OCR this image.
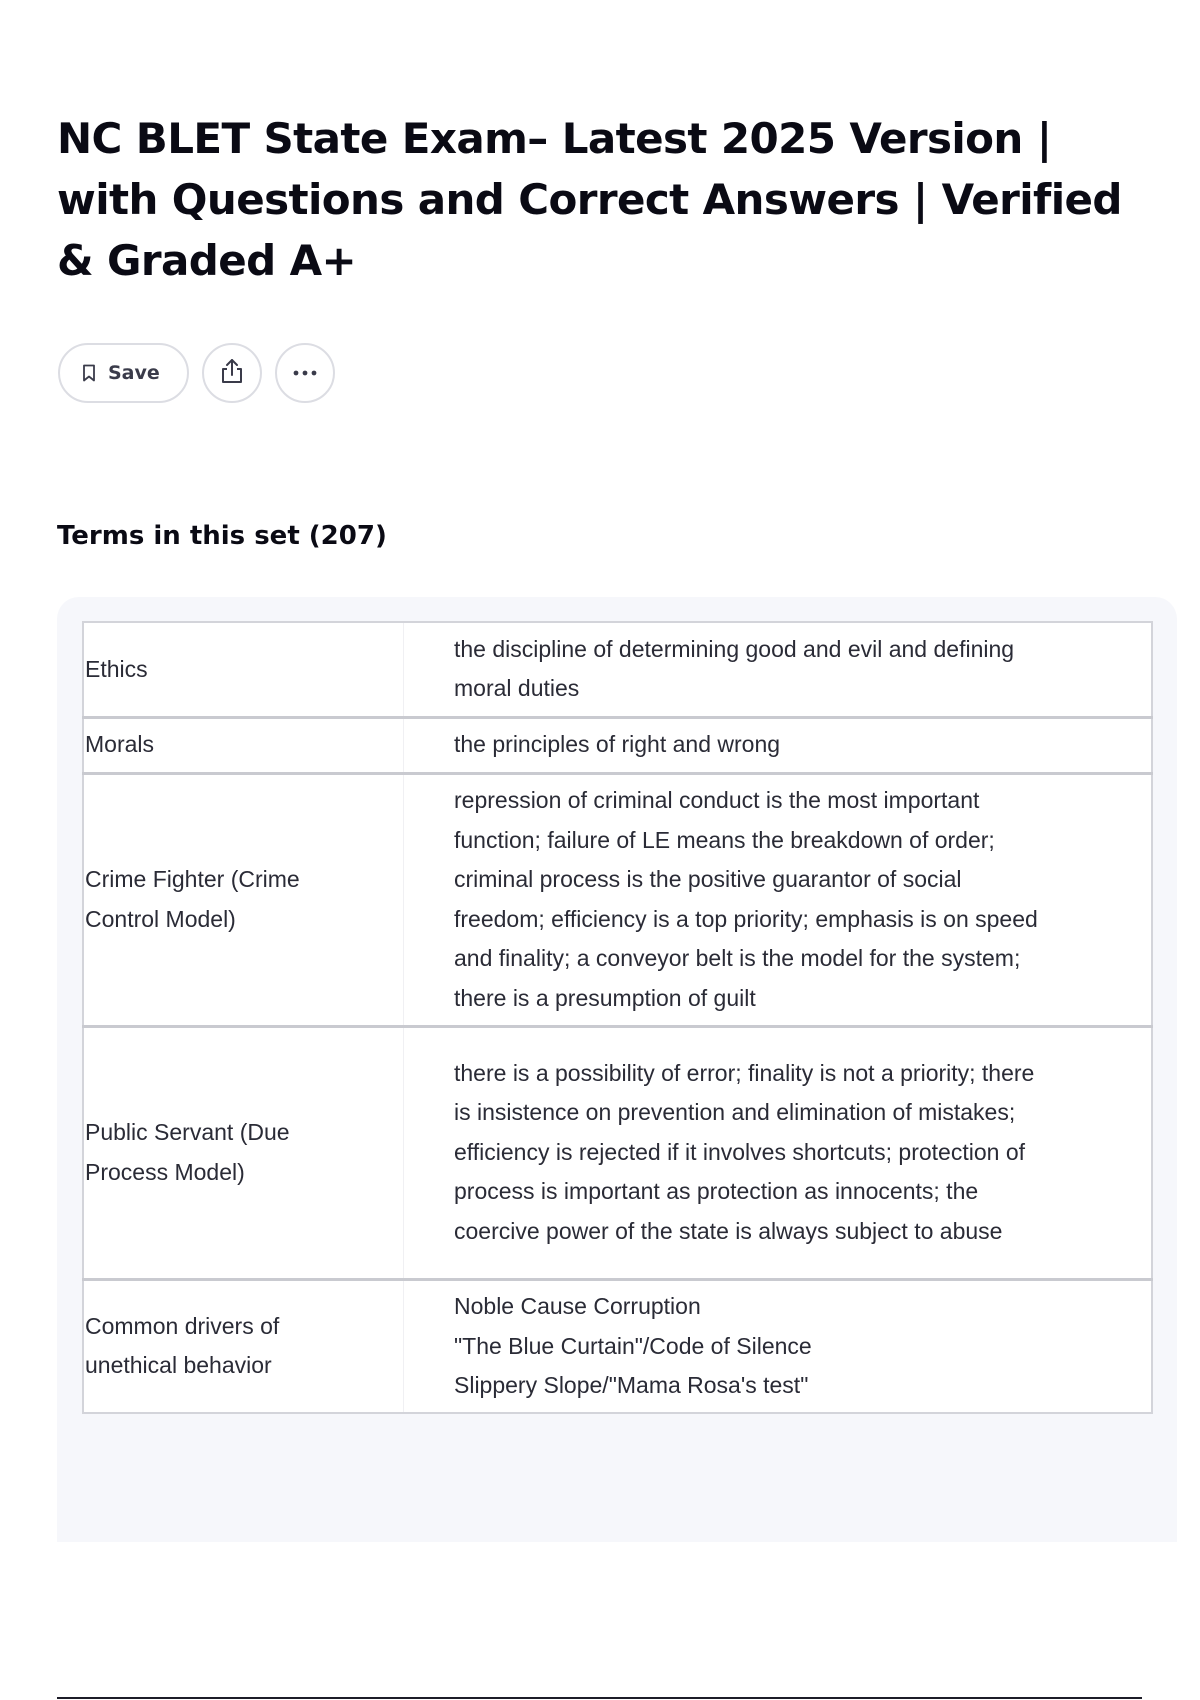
NC BLET State Exam– Latest 2025 Version | with Questions and Correct Answers | Verified & Graded A+
Save
Terms in this set (207)
Ethics	the discipline of determining good and evil and defining moral duties

Morals	the principles of right and wrong

Crime Fighter (Crime Control Model)	repression of criminal conduct is the most important function; failure of LE means the breakdown of order; criminal process is the positive guarantor of social freedom; efficiency is a top priority; emphasis is on speed and finality; a conveyor belt is the model for the system; there is a presumption of guilt

Public Servant (Due Process Model)	there is a possibility of error; finality is not a priority; there is insistence on prevention and elimination of mistakes; efficiency is rejected if it involves shortcuts; protection of process is important as protection as innocents; the coercive power of the state is always subject to abuse

Common drivers of unethical behavior	Noble Cause Corruption
"The Blue Curtain"/Code of Silence
Slippery Slope/"Mama Rosa's test"
